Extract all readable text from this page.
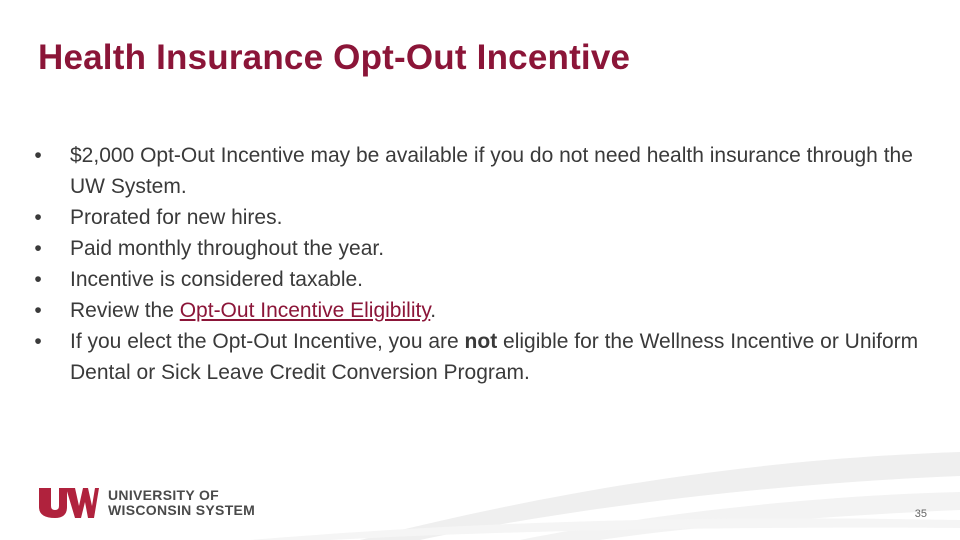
Health Insurance Opt-Out Incentive
•	$2,000 Opt-Out Incentive may be available if you do not need health insurance through the UW System.
•	Prorated for new hires.
•	Paid monthly throughout the year.
•	Incentive is considered taxable.
•	Review the Opt-Out Incentive Eligibility.
•	If you elect the Opt-Out Incentive, you are not eligible for the Wellness Incentive or Uniform Dental or Sick Leave Credit Conversion Program.
UNIVERSITY OF
WISCONSIN SYSTEM	35
